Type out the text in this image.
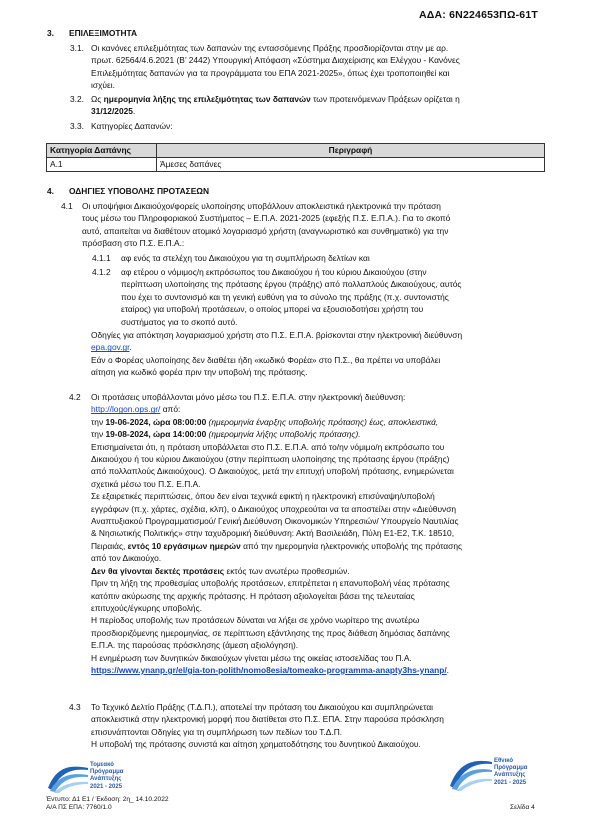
ΑΔΑ: 6Ν224653ΠΩ-61Τ
3. ΕΠΙΛΕΞΙΜΟΤΗΤΑ
3.1. Οι κανόνες επιλεξιμότητας των δαπανών της εντασσόμενης Πράξης προσδιορίζονται στην με αρ.
πρωτ. 62564/4.6.2021 (Β’ 2442) Υπουργική Απόφαση «Σύστημα Διαχείρισης και Ελέγχου - Κανόνες
Επιλεξιμότητας δαπανών για τα προγράμματα του ΕΠΑ 2021-2025», όπως έχει τροποποιηθεί και
ισχύει.
3.2. Ως ημερομηνία λήξης της επιλεξιμότητας των δαπανών των προτεινόμενων Πράξεων ορίζεται η
31/12/2025.
3.3. Κατηγορίες Δαπανών:
Κατηγορία Δαπάνης	Περιγραφή
Α.1	Άμεσες δαπάνες
4. ΟΔΗΓΙΕΣ ΥΠΟΒΟΛΗΣ ΠΡΟΤΑΣΕΩΝ
4.1 Οι υποψήφιοι Δικαιούχοι/φορείς υλοποίησης υποβάλλουν αποκλειστικά ηλεκτρονικά την πρόταση
τους μέσω του Πληροφοριακού Συστήματος – Ε.Π.Α. 2021-2025 (εφεξής Π.Σ. Ε.Π.Α.). Για το σκοπό
αυτό, απαιτείται να διαθέτουν ατομικό λογαριασμό χρήστη (αναγνωριστικό και συνθηματικό) για την
πρόσβαση στο Π.Σ. Ε.Π.Α.:
4.1.1 αφ ενός τα στελέχη του Δικαιούχου για τη συμπλήρωση δελτίων και
4.1.2 αφ ετέρου ο νόμιμος/η εκπρόσωπος του Δικαιούχου ή του κύριου Δικαιούχου (στην
περίπτωση υλοποίησης της πρότασης έργου (πράξης) από πολλαπλούς Δικαιούχους, αυτός
που έχει το συντονισμό και τη γενική ευθύνη για το σύνολο της πράξης (π.χ. συντονιστής
εταίρος) για υποβολή προτάσεων, ο οποίος μπορεί να εξουσιοδοτήσει χρήστη του
συστήματος για το σκοπό αυτό.
Οδηγίες για απόκτηση λογαριασμού χρήστη στο Π.Σ. Ε.Π.Α. βρίσκονται στην ηλεκτρονική διεύθυνση
epa.gov.gr.
Εάν ο Φορέας υλοποίησης δεν διαθέτει ήδη «κωδικό Φορέα» στο Π.Σ., θα πρέπει να υποβάλει
αίτηση για κωδικό φορέα πριν την υποβολή της πρότασης.
4.2 Οι προτάσεις υποβάλλονται μόνο μέσω του Π.Σ. Ε.Π.Α. στην ηλεκτρονική διεύθυνση:
http://logon.ops.gr/ από:
την 19-06-2024, ώρα 08:00:00 (ημερομηνία έναρξης υποβολής πρότασης) έως, αποκλειστικά,
την 19-08-2024, ώρα 14:00:00 (ημερομηνία λήξης υποβολής πρότασης).
Επισημαίνεται ότι, η πρόταση υποβάλλεται στο Π.Σ. Ε.Π.Α. από το/ην νόμιμο/η εκπρόσωπο του
Δικαιούχου ή του κύριου Δικαιούχου (στην περίπτωση υλοποίησης της πρότασης έργου (πράξης)
από πολλαπλούς Δικαιούχους). Ο Δικαιούχος, μετά την επιτυχή υποβολή πρότασης, ενημερώνεται
σχετικά μέσω του Π.Σ. Ε.Π.Α.
Σε εξαιρετικές περιπτώσεις, όπου δεν είναι τεχνικά εφικτή η ηλεκτρονική επισύναψη/υποβολή
εγγράφων (π.χ. χάρτες, σχέδια, κλπ), ο Δικαιούχος υποχρεούται να τα αποστείλει στην «Διεύθυνση
Αναπτυξιακού Προγραμματισμού/ Γενική Διεύθυνση Οικονομικών Υπηρεσιών/ Υπουργείο Ναυτιλίας
& Νησιωτικής Πολιτικής» στην ταχυδρομική διεύθυνση: Ακτή Βασιλειάδη, Πύλη Ε1-Ε2, Τ.Κ. 18510,
Πειραιάς, εντός 10 εργάσιμων ημερών από την ημερομηνία ηλεκτρονικής υποβολής της πρότασης
από τον Δικαιούχο.
Δεν θα γίνονται δεκτές προτάσεις εκτός των ανωτέρω προθεσμιών.
Πριν τη λήξη της προθεσμίας υποβολής προτάσεων, επιτρέπεται η επανυποβολή νέας πρότασης
κατόπιν ακύρωσης της αρχικής πρότασης. Η πρόταση αξιολογείται βάσει της τελευταίας
επιτυχούς/έγκυρης υποβολής.
Η περίοδος υποβολής των προτάσεων δύναται να λήξει σε χρόνο νωρίτερο της ανωτέρω
προσδιοριζόμενης ημερομηνίας, σε περίπτωση εξάντλησης της προς διάθεση δημόσιας δαπάνης
Ε.Π.Α. της παρούσας πρόσκλησης (άμεση αξιολόγηση).
Η ενημέρωση των δυνητικών δικαιούχων γίνεται μέσω της οικείας ιστοσελίδας του Π.Α.
https://www.ynanp.gr/el/gia-ton-polith/nomo8esia/tomeako-programma-anapty3hs-ynanp/.
4.3 Το Τεχνικό Δελτίο Πράξης (Τ.Δ.Π.), αποτελεί την πρόταση του Δικαιούχου και συμπληρώνεται
αποκλειστικά στην ηλεκτρονική μορφή που διατίθεται στο Π.Σ. ΕΠΑ. Στην παρούσα πρόσκληση
επισυνάπτονται Οδηγίες για τη συμπλήρωση των πεδίων του Τ.Δ.Π.
Η υποβολή της πρότασης συνιστά και αίτηση χρηματοδότησης του δυνητικού Δικαιούχου.
Τομεακό
Πρόγραμμα
Ανάπτυξης
2021 - 2025
Εθνικό
Πρόγραμμα
Ανάπτυξης
2021 - 2025
Έντυπο: Δ1 Ε1 / Έκδοση: 2η_ 14.10.2022
Α/Α ΠΣ ΕΠΑ: 7760/1.0	Σελίδα 4
